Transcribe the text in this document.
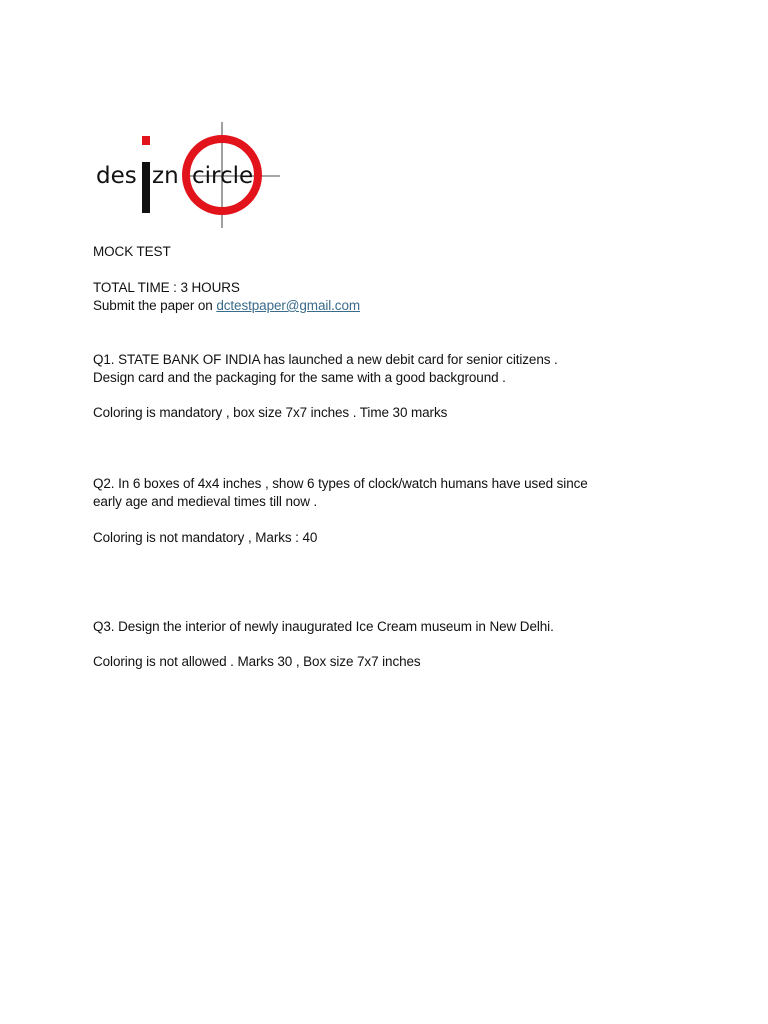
des zn circle
MOCK TEST
TOTAL TIME : 3 HOURS
Submit the paper on dctestpaper@gmail.com
Q1. STATE BANK OF INDIA has launched a new debit card for senior citizens .
Design card and the packaging for the same with a good background .
Coloring is mandatory , box size 7x7 inches . Time 30 marks
Q2. In 6 boxes of 4x4 inches , show 6 types of clock/watch humans have used since
early age and medieval times till now .
Coloring is not mandatory , Marks : 40
Q3. Design the interior of newly inaugurated Ice Cream museum in New Delhi.
Coloring is not allowed . Marks 30 , Box size 7x7 inches
